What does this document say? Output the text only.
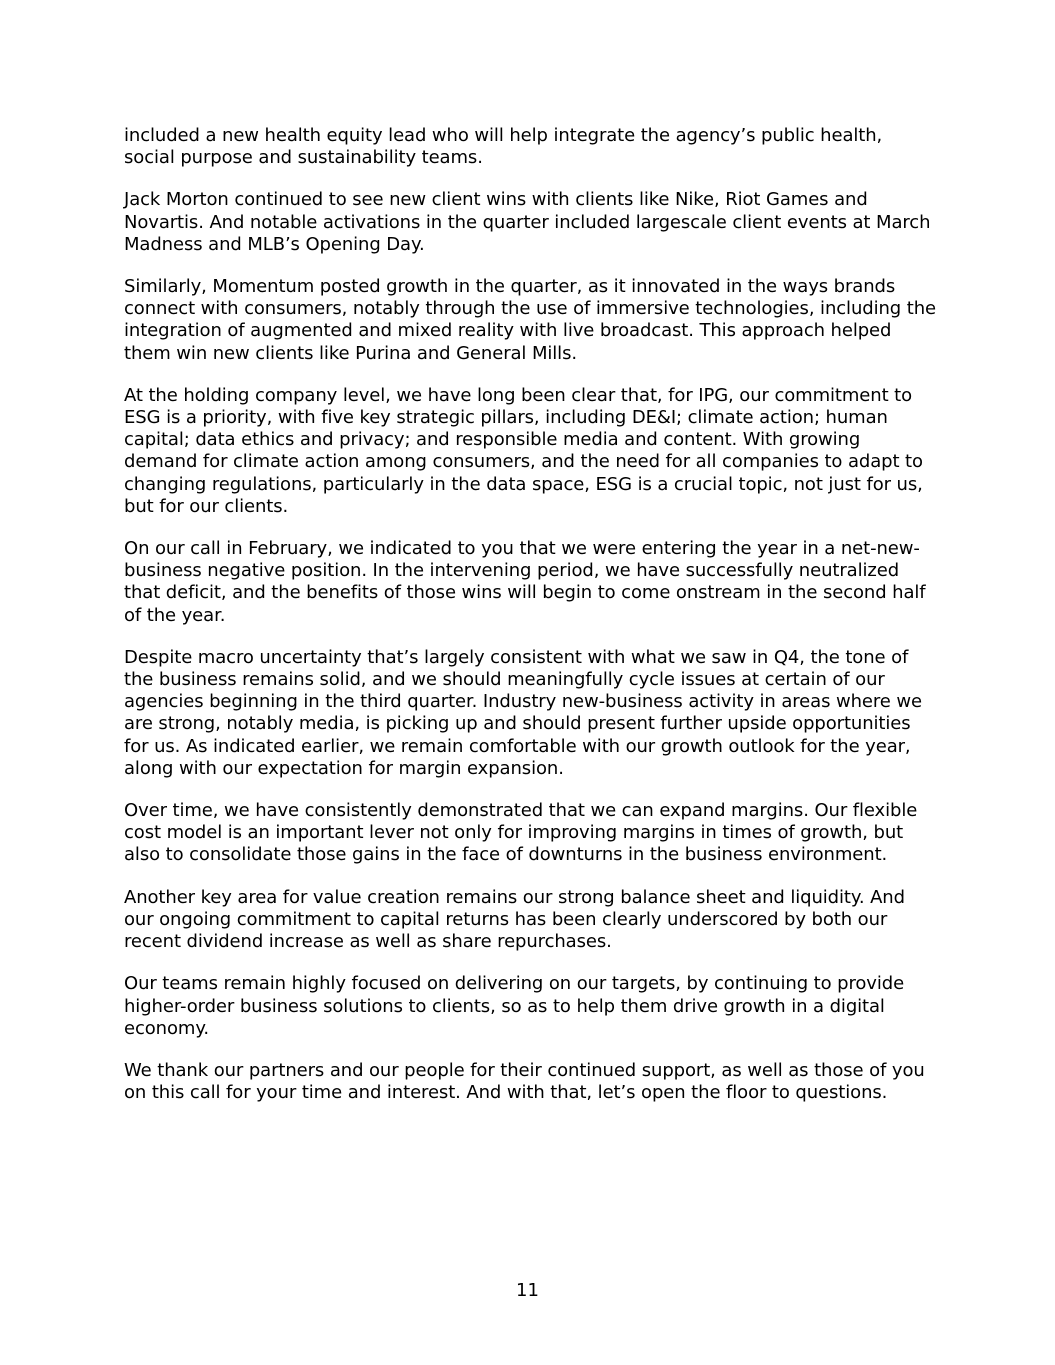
included a new health equity lead who will help integrate the agency’s public health, social purpose and sustainability teams.

Jack Morton continued to see new client wins with clients like Nike, Riot Games and Novartis. And notable activations in the quarter included largescale client events at March Madness and MLB’s Opening Day.

Similarly, Momentum posted growth in the quarter, as it innovated in the ways brands connect with consumers, notably through the use of immersive technologies, including the integration of augmented and mixed reality with live broadcast. This approach helped them win new clients like Purina and General Mills.

At the holding company level, we have long been clear that, for IPG, our commitment to ESG is a priority, with five key strategic pillars, including DE&I; climate action; human capital; data ethics and privacy; and responsible media and content. With growing demand for climate action among consumers, and the need for all companies to adapt to changing regulations, particularly in the data space, ESG is a crucial topic, not just for us, but for our clients.

On our call in February, we indicated to you that we were entering the year in a net-new-business negative position. In the intervening period, we have successfully neutralized that deficit, and the benefits of those wins will begin to come onstream in the second half of the year.

Despite macro uncertainty that’s largely consistent with what we saw in Q4, the tone of the business remains solid, and we should meaningfully cycle issues at certain of our agencies beginning in the third quarter. Industry new-business activity in areas where we are strong, notably media, is picking up and should present further upside opportunities for us. As indicated earlier, we remain comfortable with our growth outlook for the year, along with our expectation for margin expansion.

Over time, we have consistently demonstrated that we can expand margins. Our flexible cost model is an important lever not only for improving margins in times of growth, but also to consolidate those gains in the face of downturns in the business environment.

Another key area for value creation remains our strong balance sheet and liquidity. And our ongoing commitment to capital returns has been clearly underscored by both our recent dividend increase as well as share repurchases.

Our teams remain highly focused on delivering on our targets, by continuing to provide higher-order business solutions to clients, so as to help them drive growth in a digital economy.

We thank our partners and our people for their continued support, as well as those of you on this call for your time and interest. And with that, let’s open the floor to questions.

11
